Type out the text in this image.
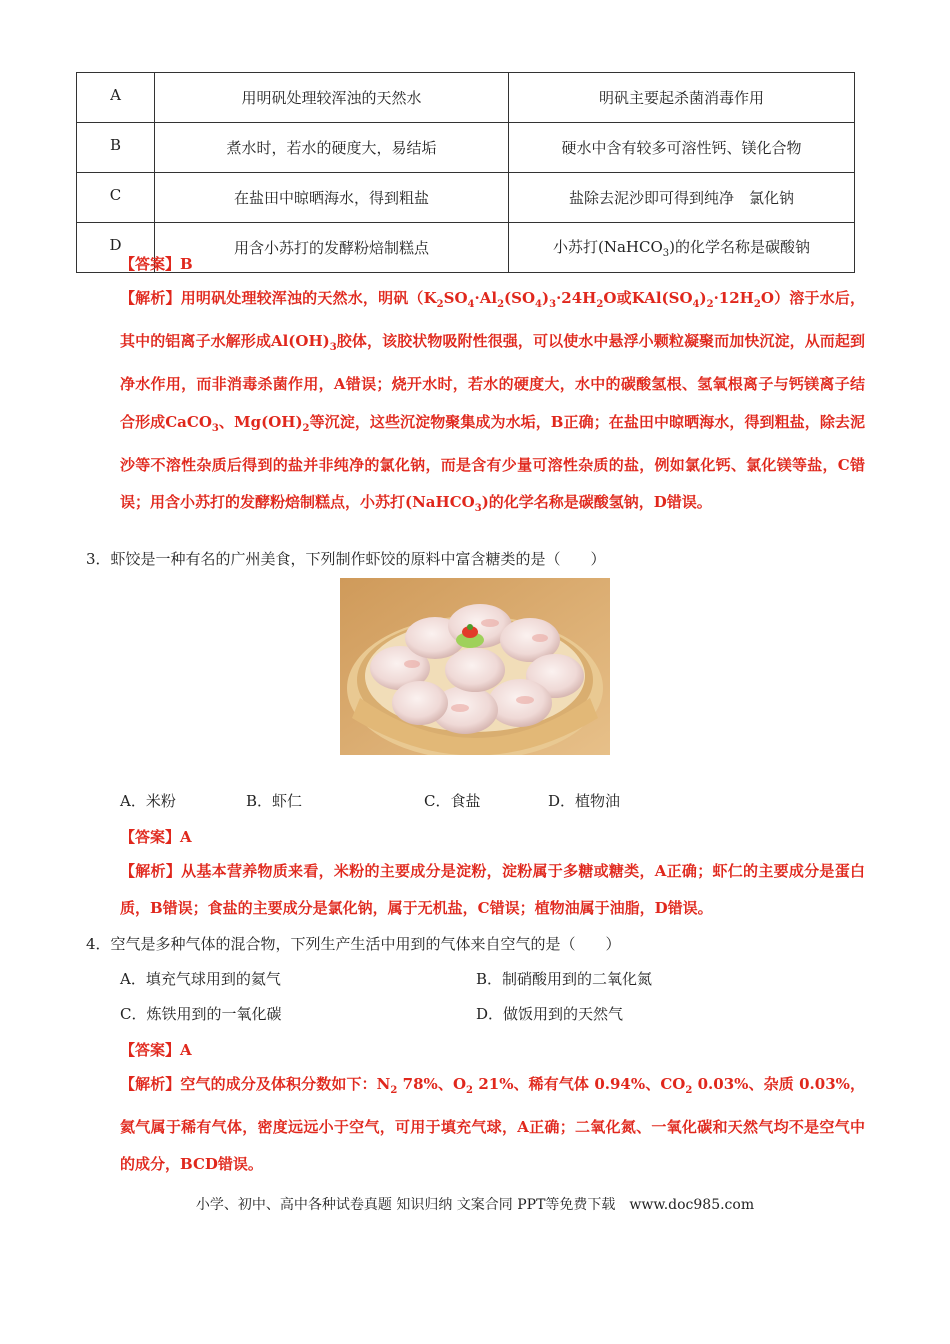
A	用明矾处理较浑浊的天然水	明矾主要起杀菌消毒作用
B	煮水时，若水的硬度大，易结垢	硬水中含有较多可溶性钙、镁化合物
C	在盐田中晾晒海水，得到粗盐	盐除去泥沙即可得到纯净　氯化钠
D	用含小苏打的发酵粉焙制糕点	小苏打(NaHCO$_3$)的化学名称是碳酸钠
【答案】B
【解析】用明矾处理较浑浊的天然水，明矾（$K_2SO_4\cdot Al_2(SO_4)_3\cdot 24H_2O$或$KAl(SO_4)_2\cdot 12H_2O$）溶于水后，其中的铝离子水解形成$Al(OH)_3$胶体，该胶状物吸附性很强，可以使水中悬浮小颗粒凝聚而加快沉淀，从而起到净水作用，而非消毒杀菌作用，A错误；烧开水时，若水的硬度大，水中的碳酸氢根、氢氧根离子与钙镁离子结合形成CaCO$_3$、$Mg(OH)_2$等沉淀，这些沉淀物聚集成为水垢，B正确；在盐田中晾晒海水，得到粗盐，除去泥沙等不溶性杂质后得到的盐并非纯净的氯化钠，而是含有少量可溶性杂质的盐，例如氯化钙、氯化镁等盐，C错误；用含小苏打的发酵粉焙制糕点，小苏打(NaHCO$_3$)的化学名称是碳酸氢钠，D错误。
3．虾饺是一种有名的广州美食，下列制作虾饺的原料中富含糖类的是（　　）
A．米粉	B．虾仁	C．食盐	D．植物油
【答案】A
【解析】从基本营养物质来看，米粉的主要成分是淀粉，淀粉属于多糖或糖类，A正确；虾仁的主要成分是蛋白质，B错误；食盐的主要成分是氯化钠，属于无机盐，C错误；植物油属于油脂，D错误。
4．空气是多种气体的混合物，下列生产生活中用到的气体来自空气的是（　　）
A．填充气球用到的氦气	B．制硝酸用到的二氧化氮
C．炼铁用到的一氧化碳	D．做饭用到的天然气
【答案】A
【解析】空气的成分及体积分数如下：$N_2$ 78%、$O_2$ 21%、稀有气体 0.94%、$CO_2$ 0.03%、杂质 0.03%，氦气属于稀有气体，密度远远小于空气，可用于填充气球，A正确；二氧化氮、一氧化碳和天然气均不是空气中的成分，BCD错误。
小学、初中、高中各种试卷真题 知识归纳 文案合同 PPT等免费下载　www.doc985.com
